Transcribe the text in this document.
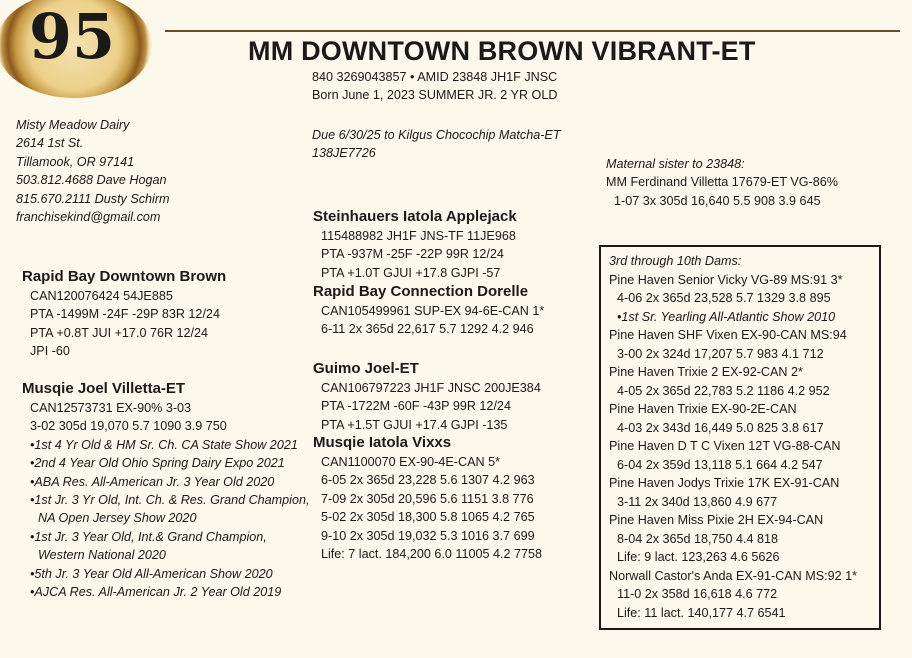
95	MM DOWNTOWN BROWN VIBRANT-ET
840 3269043857 • AMID 23848 JH1F JNSC
Born June 1, 2023 SUMMER JR. 2 YR OLD
Due 6/30/25 to Kilgus Chocochip Matcha-ET
138JE7726
Misty Meadow Dairy
2614 1st St.
Tillamook, OR 97141
503.812.4688 Dave Hogan
815.670.2111 Dusty Schirm
franchisekind@gmail.com
Maternal sister to 23848:
MM Ferdinand Villetta 17679-ET VG-86%
1-07 3x 305d 16,640 5.5 908 3.9 645
Rapid Bay Downtown Brown
CAN120076424 54JE885
PTA -1499M -24F -29P 83R 12/24
PTA +0.8T JUI +17.0 76R 12/24
JPI -60
Musqie Joel Villetta-ET
CAN12573731 EX-90% 3-03
3-02 305d 19,070 5.7 1090 3.9 750
•1st 4 Yr Old & HM Sr. Ch. CA State Show 2021
•2nd 4 Year Old Ohio Spring Dairy Expo 2021
•ABA Res. All-American Jr. 3 Year Old 2020
•1st Jr. 3 Yr Old, Int. Ch. & Res. Grand Champion,
NA Open Jersey Show 2020
•1st Jr. 3 Year Old, Int.& Grand Champion,
Western National 2020
•5th Jr. 3 Year Old All-American Show 2020
•AJCA Res. All-American Jr. 2 Year Old 2019
Steinhauers Iatola Applejack
115488982 JH1F JNS-TF 11JE968
PTA -937M -25F -22P 99R 12/24
PTA +1.0T GJUI +17.8 GJPI -57
Rapid Bay Connection Dorelle
CAN105499961 SUP-EX 94-6E-CAN 1*
6-11 2x 365d 22,617 5.7 1292 4.2 946
Guimo Joel-ET
CAN106797223 JH1F JNSC 200JE384
PTA -1722M -60F -43P 99R 12/24
PTA +1.5T GJUI +17.4 GJPI -135
Musqie Iatola Vixxs
CAN1100070 EX-90-4E-CAN 5*
6-05 2x 365d 23,228 5.6 1307 4.2 963
7-09 2x 305d 20,596 5.6 1151 3.8 776
5-02 2x 305d 18,300 5.8 1065 4.2 765
9-10 2x 305d 19,032 5.3 1016 3.7 699
Life: 7 lact. 184,200 6.0 11005 4.2 7758
3rd through 10th Dams:
Pine Haven Senior Vicky VG-89 MS:91 3*
4-06 2x 365d 23,528 5.7 1329 3.8 895
•1st Sr. Yearling All-Atlantic Show 2010
Pine Haven SHF Vixen EX-90-CAN MS:94
3-00 2x 324d 17,207 5.7 983 4.1 712
Pine Haven Trixie 2 EX-92-CAN 2*
4-05 2x 365d 22,783 5.2 1186 4.2 952
Pine Haven Trixie EX-90-2E-CAN
4-03 2x 343d 16,449 5.0 825 3.8 617
Pine Haven D T C Vixen 12T VG-88-CAN
6-04 2x 359d 13,118 5.1 664 4.2 547
Pine Haven Jodys Trixie 17K EX-91-CAN
3-11 2x 340d 13,860 4.9 677
Pine Haven Miss Pixie 2H EX-94-CAN
8-04 2x 365d 18,750 4.4 818
Life: 9 lact. 123,263 4.6 5626
Norwall Castor's Anda EX-91-CAN MS:92 1*
11-0 2x 358d 16,618 4.6 772
Life: 11 lact. 140,177 4.7 6541
